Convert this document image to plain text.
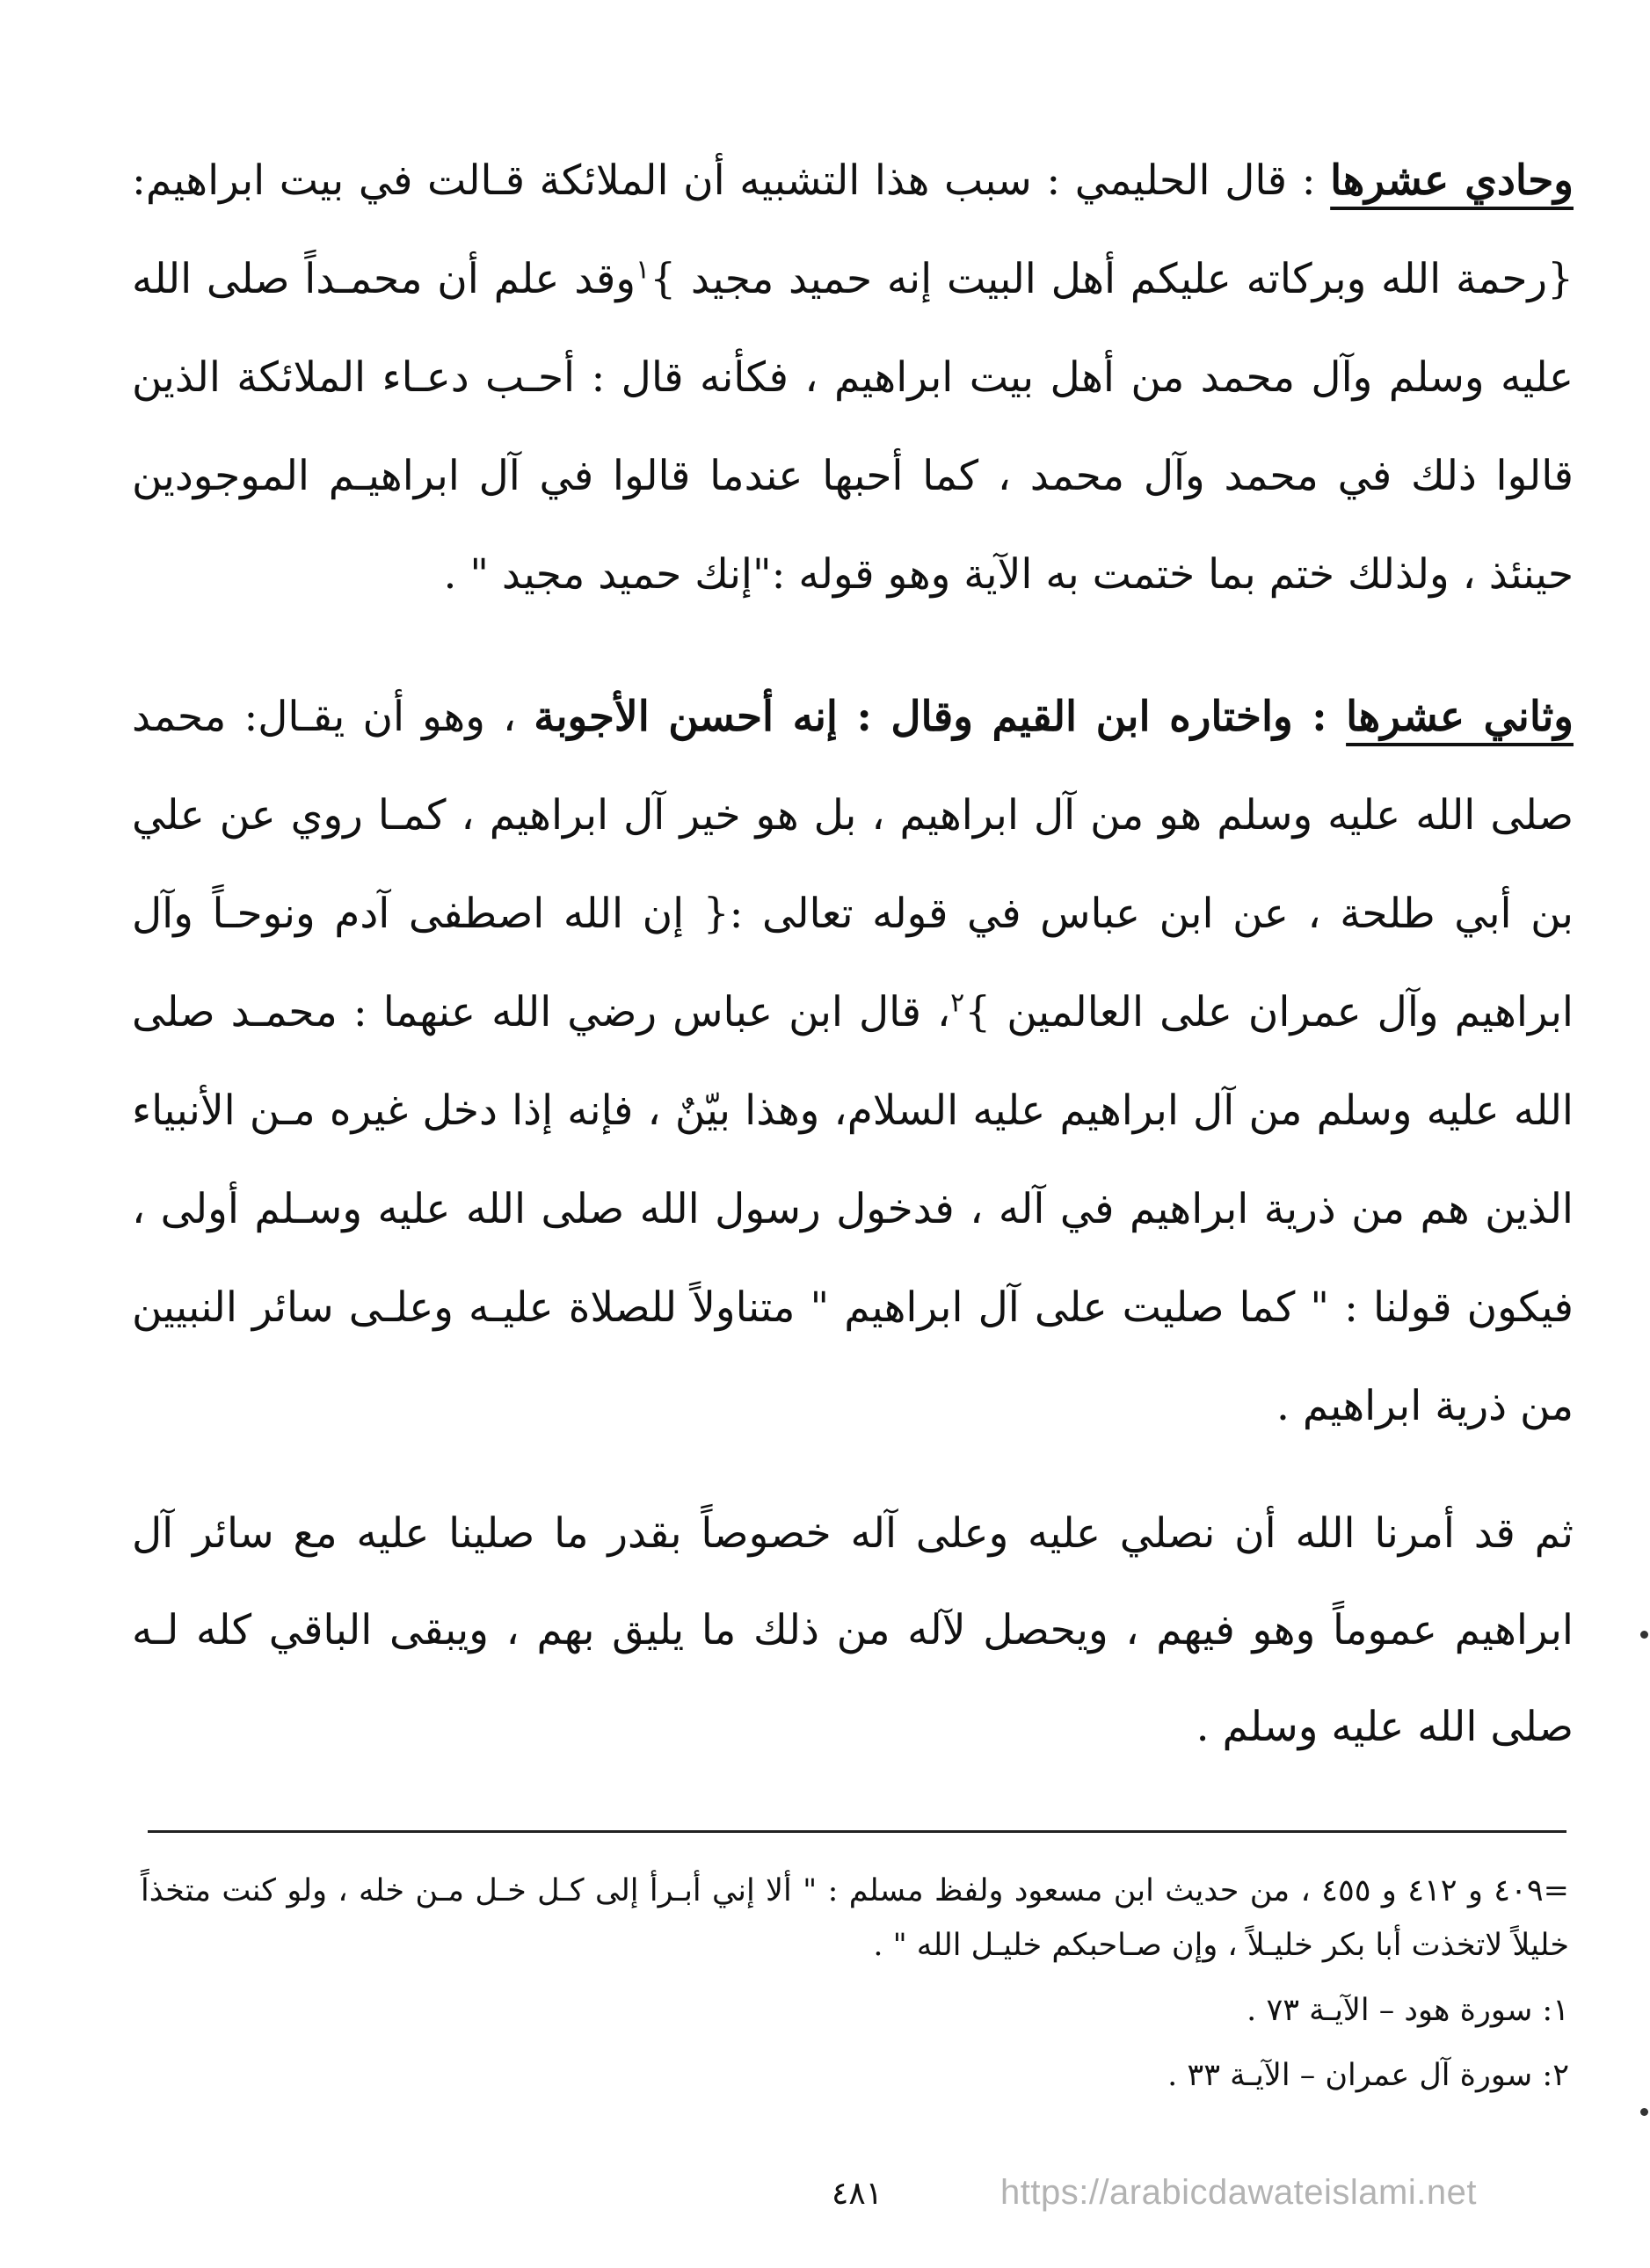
وحادي عشرها : قال الحليمي : سبب هذا التشبيه أن الملائكة قـالت في بيت ابراهيم:{رحمة الله وبركاته عليكم أهل البيت إنه حميد مجيد }$^١$وقد علم أن محمـداً صلى الله عليه وسلم وآل محمد من أهل بيت ابراهيم ، فكأنه قال : أحـب دعـاء الملائكة الذين قالوا ذلك في محمد وآل محمد ، كما أحبها عندما قالوا في آل ابراهيـم الموجودين حينئذ ، ولذلك ختم بما ختمت به الآية وهو قوله :"إنك حميد مجيد " .
وثاني عشرها : واختاره ابن القيم وقال : إنه أحسن الأجوبة ، وهو أن يقـال: محمد صلى الله عليه وسلم هو من آل ابراهيم ، بل هو خير آل ابراهيم ، كمـا روي عن علي بن أبي طلحة ، عن ابن عباس في قوله تعالى :{ إن الله اصطفى آدم ونوحـاً وآل ابراهيم وآل عمران على العالمين }$^٢$، قال ابن عباس رضي الله عنهما : محمـد صلى الله عليه وسلم من آل ابراهيم عليه السلام، وهذا بيّنٌ ، فإنه إذا دخل غيره مـن الأنبياء الذين هم من ذرية ابراهيم في آله ، فدخول رسول الله صلى الله عليه وسـلم أولى ، فيكون قولنا : " كما صليت على آل ابراهيم " متناولاً للصلاة عليـه وعلـى سائر النبيين من ذرية ابراهيم .
ثم قد أمرنا الله أن نصلي عليه وعلى آله خصوصاً بقدر ما صلينا عليه مع سائر آل ابراهيم عموماً وهو فيهم ، ويحصل لآله من ذلك ما يليق بهم ، ويبقى الباقي كله لـه صلى الله عليه وسلم .
=٤٠٩ و ٤١٢ و ٤٥٥ ، من حديث ابن مسعود ولفظ مسلم : " ألا إني أبـرأ إلى كـل خـل مـن خله ، ولو كنت متخذاً خليلاً لاتخذت أبا بكر خليـلاً ، وإن صـاحبكم خليـل الله " .
١: سورة هود – الآيـة ٧٣ .
٢: سورة آل عمران – الآيـة ٣٣ .
٤٨١	https://arabicdawateislami.net
